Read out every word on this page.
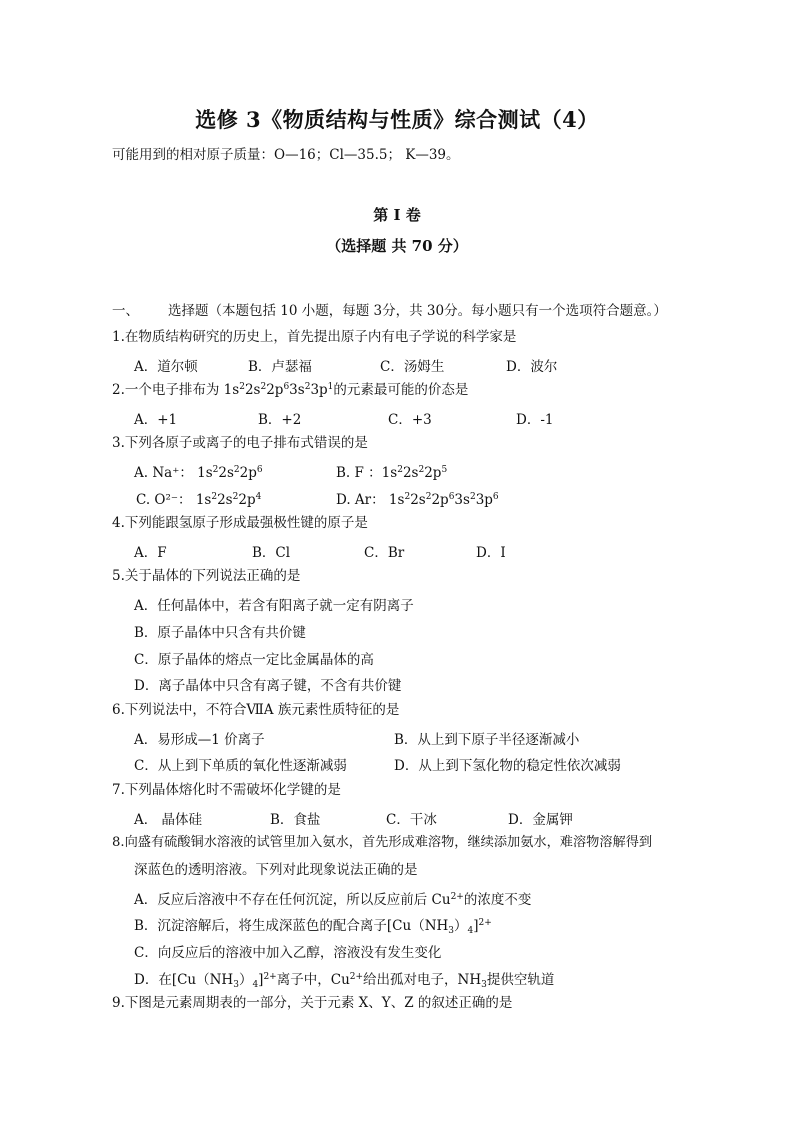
选修 3《物质结构与性质》综合测试（4）
可能用到的相对原子质量：O—16；Cl—35.5； K—39。
第 I 卷
（选择题 共 70 分）
一、 选择题（本题包括 10 小题，每题 3分，共 30分。每小题只有一个选项符合题意。）
1.在物质结构研究的历史上，首先提出原子内有电子学说的科学家是
A．道尔顿	B．卢瑟福	C．汤姆生	D．波尔
2.一个电子排布为 $1s^22s^22p^63s^23p^1$的元素最可能的价态是
A．+1	B．+2	C．+3	D．-1
3.下列各原子或离子的电子排布式错误的是
A. Na⁺： $1s^22s^22p^6$	B. F ：$1s^22s^22p^5$
C. O²⁻： $1s^22s^22p^4$	D. Ar： $1s^22s^22p^63s^23p^6$
4.下列能跟氢原子形成最强极性键的原子是
A．F	B．Cl	C．Br	D．I
5.关于晶体的下列说法正确的是
A．任何晶体中，若含有阳离子就一定有阴离子
B．原子晶体中只含有共价键
C．原子晶体的熔点一定比金属晶体的高
D．离子晶体中只含有离子键，不含有共价键
6.下列说法中，不符合ⅦA 族元素性质特征的是
A．易形成—1 价离子	B．从上到下原子半径逐渐减小
C．从上到下单质的氧化性逐渐减弱	D．从上到下氢化物的稳定性依次减弱
7.下列晶体熔化时不需破坏化学键的是
A． 晶体硅	B．食盐	C．干冰	D．金属钾
8.向盛有硫酸铜水溶液的试管里加入氨水，首先形成难溶物，继续添加氨水，难溶物溶解得到
深蓝色的透明溶液。下列对此现象说法正确的是
A．反应后溶液中不存在任何沉淀，所以反应前后 $Cu^{2+}$的浓度不变
B．沉淀溶解后，将生成深蓝色的配合离子$[Cu(NH_3)_4]^{2+}$
C．向反应后的溶液中加入乙醇，溶液没有发生变化
D．在$[Cu(NH_3)_4]^{2+}$离子中，$Cu^{2+}$给出孤对电子，$NH_3$提供空轨道
9.下图是元素周期表的一部分，关于元素 X、Y、Z 的叙述正确的是
